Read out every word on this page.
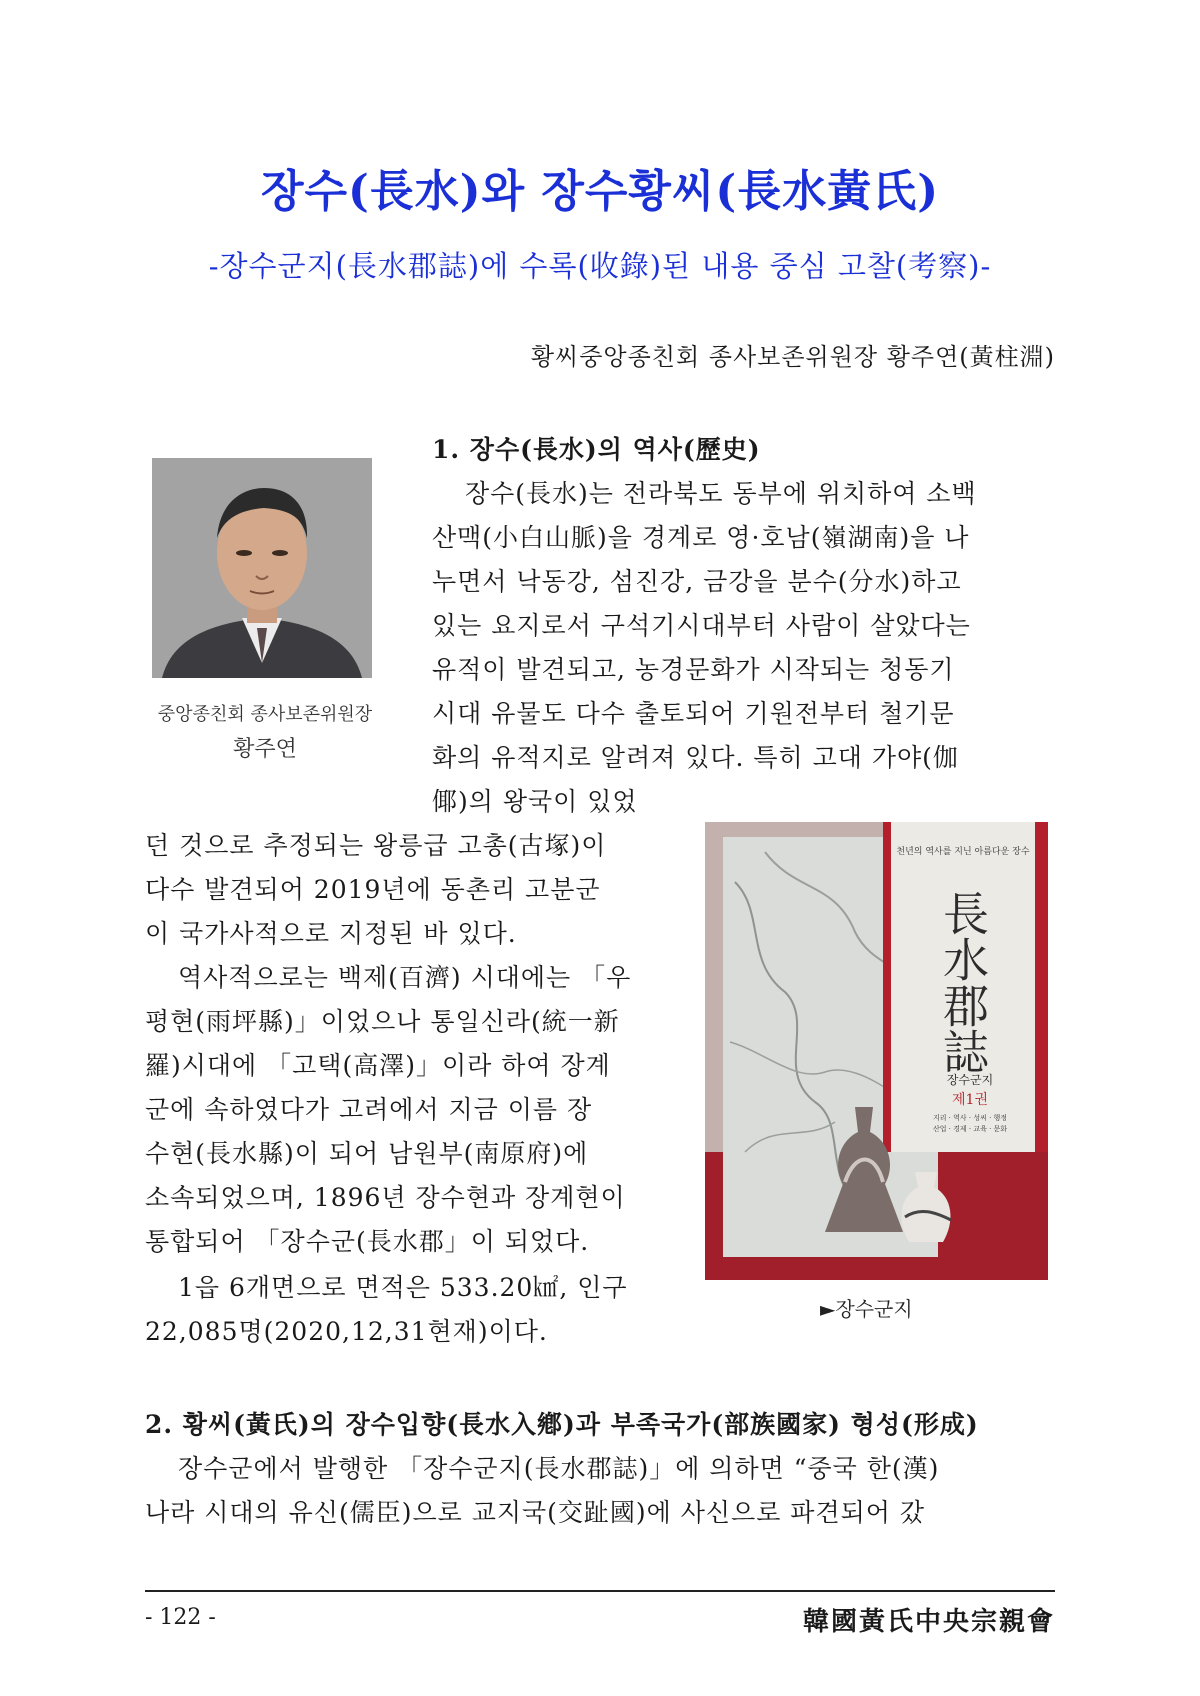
장수(長水)와 장수황씨(長水黃氏)
-장수군지(長水郡誌)에 수록(收錄)된 내용 중심 고찰(考察)-
황씨중앙종친회 종사보존위원장 황주연(黃柱淵)
중앙종친회 종사보존위원장
황주연
1. 장수(長水)의 역사(歷史)
장수(長水)는 전라북도 동부에 위치하여 소백
산맥(小白山脈)을 경계로 영·호남(嶺湖南)을 나
누면서 낙동강, 섬진강, 금강을 분수(分水)하고
있는 요지로서 구석기시대부터 사람이 살았다는
유적이 발견되고, 농경문화가 시작되는 청동기
시대 유물도 다수 출토되어 기원전부터 철기문
화의 유적지로 알려져 있다. 특히 고대 가야(伽
倻)의 왕국이 있었
던 것으로 추정되는 왕릉급 고총(古塚)이
다수 발견되어 2019년에 동촌리 고분군
이 국가사적으로 지정된 바 있다.
역사적으로는 백제(百濟) 시대에는 「우
평현(雨坪縣)」이었으나 통일신라(統一新
羅)시대에 「고택(高澤)」이라 하여 장계
군에 속하였다가 고려에서 지금 이름 장
수현(長水縣)이 되어 남원부(南原府)에
소속되었으며, 1896년 장수현과 장계현이
통합되어 「장수군(長水郡」이 되었다.
1읍 6개면으로 면적은 533.20㎢, 인구
22,085명(2020,12,31현재)이다.
천년의 역사를 지닌 아름다운 장수
長水郡誌
장수군지
제1권
지리 · 역사 · 성씨 · 행정
산업 · 경제 · 교육 · 문화
►장수군지
2. 황씨(黃氏)의 장수입향(長水入鄕)과 부족국가(部族國家) 형성(形成)
장수군에서 발행한 「장수군지(長水郡誌)」에 의하면 “중국 한(漢)
나라 시대의 유신(儒臣)으로 교지국(交趾國)에 사신으로 파견되어 갔
- 122 -	韓國黃氏中央宗親會
